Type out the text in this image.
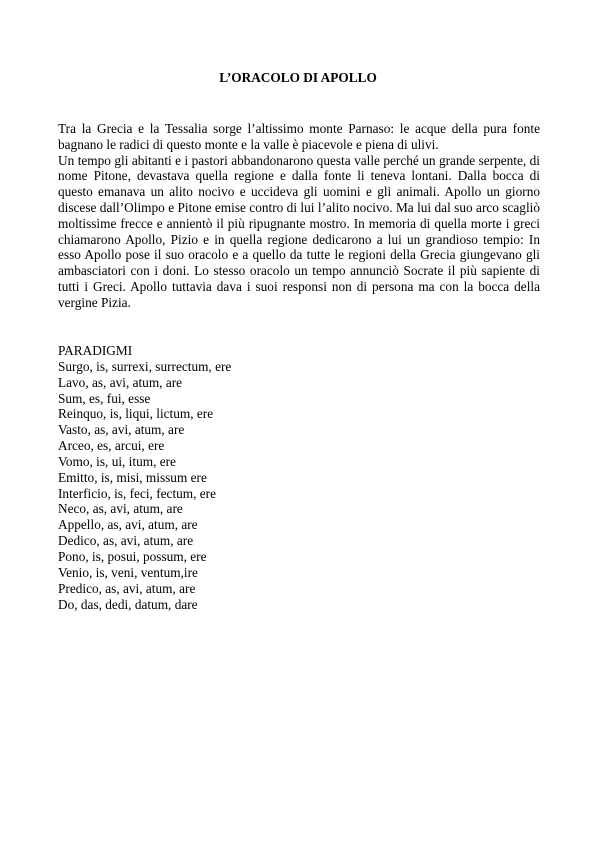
L’ORACOLO DI APOLLO

Tra la Grecia e la Tessalia sorge l’altissimo monte Parnaso: le acque della pura fonte bagnano le radici di questo monte e la valle è piacevole e piena di ulivi.

Un tempo gli abitanti e i pastori abbandonarono questa valle perché un grande serpente, di nome Pitone, devastava quella regione e dalla fonte li teneva lontani. Dalla bocca di questo emanava un alito nocivo e uccideva gli uomini e gli animali. Apollo un giorno discese dall’Olimpo e Pitone emise contro di lui l’alito nocivo. Ma lui dal suo arco scagliò moltissime frecce e annientò il più ripugnante mostro. In memoria di quella morte i greci chiamarono Apollo, Pizio e in quella regione dedicarono a lui un grandioso tempio: In esso Apollo pose il suo oracolo e a quello da tutte le regioni della Grecia giungevano gli ambasciatori con i doni. Lo stesso oracolo un tempo annunciò Socrate il più sapiente di tutti i Greci. Apollo tuttavia dava i suoi responsi non di persona ma con la bocca della vergine Pizia.

PARADIGMI
Surgo, is, surrexi, surrectum, ere
Lavo, as, avi, atum, are
Sum, es, fui, esse
Reinquo, is, liqui, lictum, ere
Vasto, as, avi, atum, are
Arceo, es, arcui, ere
Vomo, is, ui, itum, ere
Emitto, is, misi, missum ere
Interficio, is, feci, fectum, ere
Neco, as, avi, atum, are
Appello, as, avi, atum, are
Dedico, as, avi, atum, are
Pono, is, posui, possum, ere
Venio, is, veni, ventum,ire
Predico, as, avi, atum, are
Do, das, dedi, datum, dare
